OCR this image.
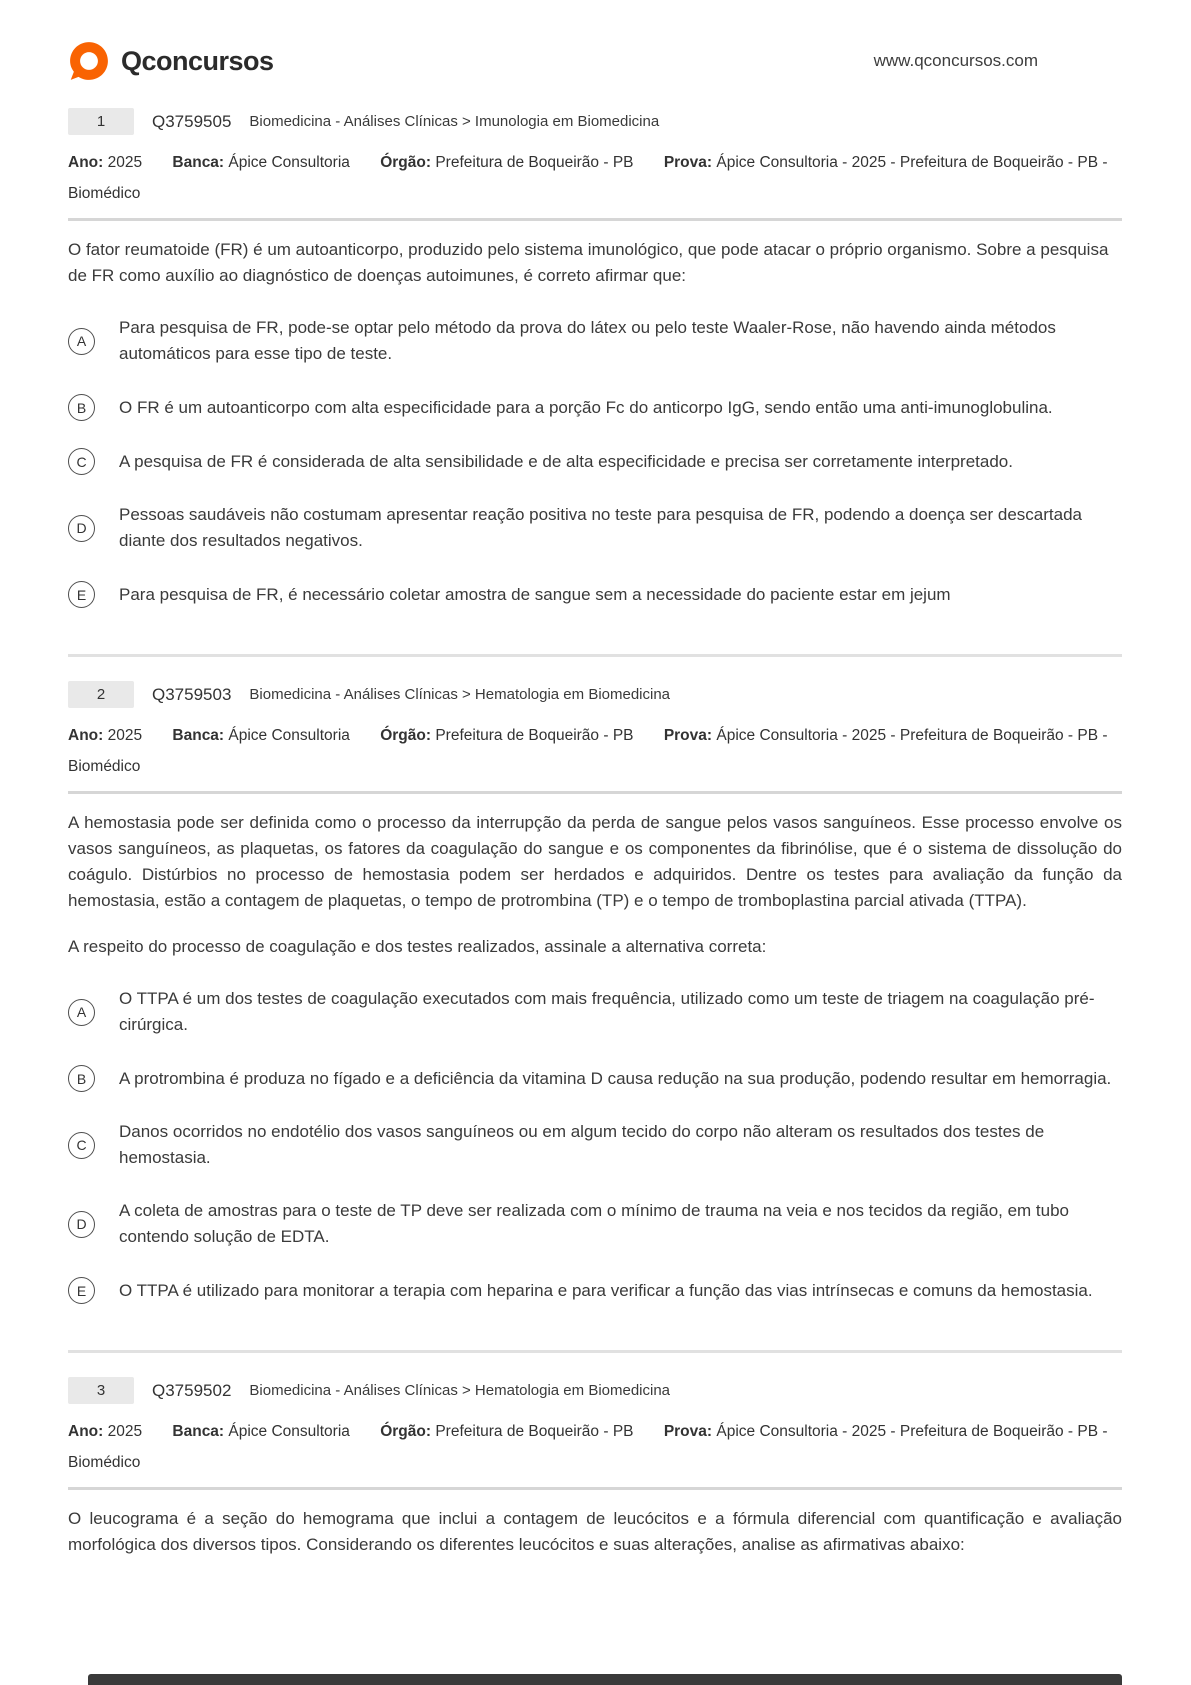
Qconcursos	www.qconcursos.com
1	Q3759505 Biomedicina - Análises Clínicas > Imunologia em Biomedicina
Ano: 2025 Banca: Ápice Consultoria Órgão: Prefeitura de Boqueirão - PB Prova: Ápice Consultoria - 2025 - Prefeitura de Boqueirão - PB - Biomédico

O fator reumatoide (FR) é um autoanticorpo, produzido pelo sistema imunológico, que pode atacar o próprio organismo. Sobre a pesquisa de FR como auxílio ao diagnóstico de doenças autoimunes, é correto afirmar que:

A
Para pesquisa de FR, pode-se optar pelo método da prova do látex ou pelo teste Waaler-Rose, não havendo ainda métodos automáticos para esse tipo de teste.
B	O FR é um autoanticorpo com alta especificidade para a porção Fc do anticorpo IgG, sendo então uma anti-imunoglobulina.
C	A pesquisa de FR é considerada de alta sensibilidade e de alta especificidade e precisa ser corretamente interpretado.
D
Pessoas saudáveis não costumam apresentar reação positiva no teste para pesquisa de FR, podendo a doença ser descartada diante dos resultados negativos.
E	Para pesquisa de FR, é necessário coletar amostra de sangue sem a necessidade do paciente estar em jejum
2	Q3759503 Biomedicina - Análises Clínicas > Hematologia em Biomedicina
Ano: 2025 Banca: Ápice Consultoria Órgão: Prefeitura de Boqueirão - PB Prova: Ápice Consultoria - 2025 - Prefeitura de Boqueirão - PB - Biomédico

A hemostasia pode ser definida como o processo da interrupção da perda de sangue pelos vasos sanguíneos. Esse processo envolve os vasos sanguíneos, as plaquetas, os fatores da coagulação do sangue e os componentes da fibrinólise, que é o sistema de dissolução do coágulo. Distúrbios no processo de hemostasia podem ser herdados e adquiridos. Dentre os testes para avaliação da função da hemostasia, estão a contagem de plaquetas, o tempo de protrombina (TP) e o tempo de tromboplastina parcial ativada (TTPA).

A respeito do processo de coagulação e dos testes realizados, assinale a alternativa correta:

A
O TTPA é um dos testes de coagulação executados com mais frequência, utilizado como um teste de triagem na coagulação pré-cirúrgica.
B	A protrombina é produza no fígado e a deficiência da vitamina D causa redução na sua produção, podendo resultar em hemorragia.
C
Danos ocorridos no endotélio dos vasos sanguíneos ou em algum tecido do corpo não alteram os resultados dos testes de hemostasia.
D
A coleta de amostras para o teste de TP deve ser realizada com o mínimo de trauma na veia e nos tecidos da região, em tubo contendo solução de EDTA.
E	O TTPA é utilizado para monitorar a terapia com heparina e para verificar a função das vias intrínsecas e comuns da hemostasia.
3	Q3759502 Biomedicina - Análises Clínicas > Hematologia em Biomedicina
Ano: 2025 Banca: Ápice Consultoria Órgão: Prefeitura de Boqueirão - PB Prova: Ápice Consultoria - 2025 - Prefeitura de Boqueirão - PB - Biomédico

O leucograma é a seção do hemograma que inclui a contagem de leucócitos e a fórmula diferencial com quantificação e avaliação morfológica dos diversos tipos. Considerando os diferentes leucócitos e suas alterações, analise as afirmativas abaixo:
